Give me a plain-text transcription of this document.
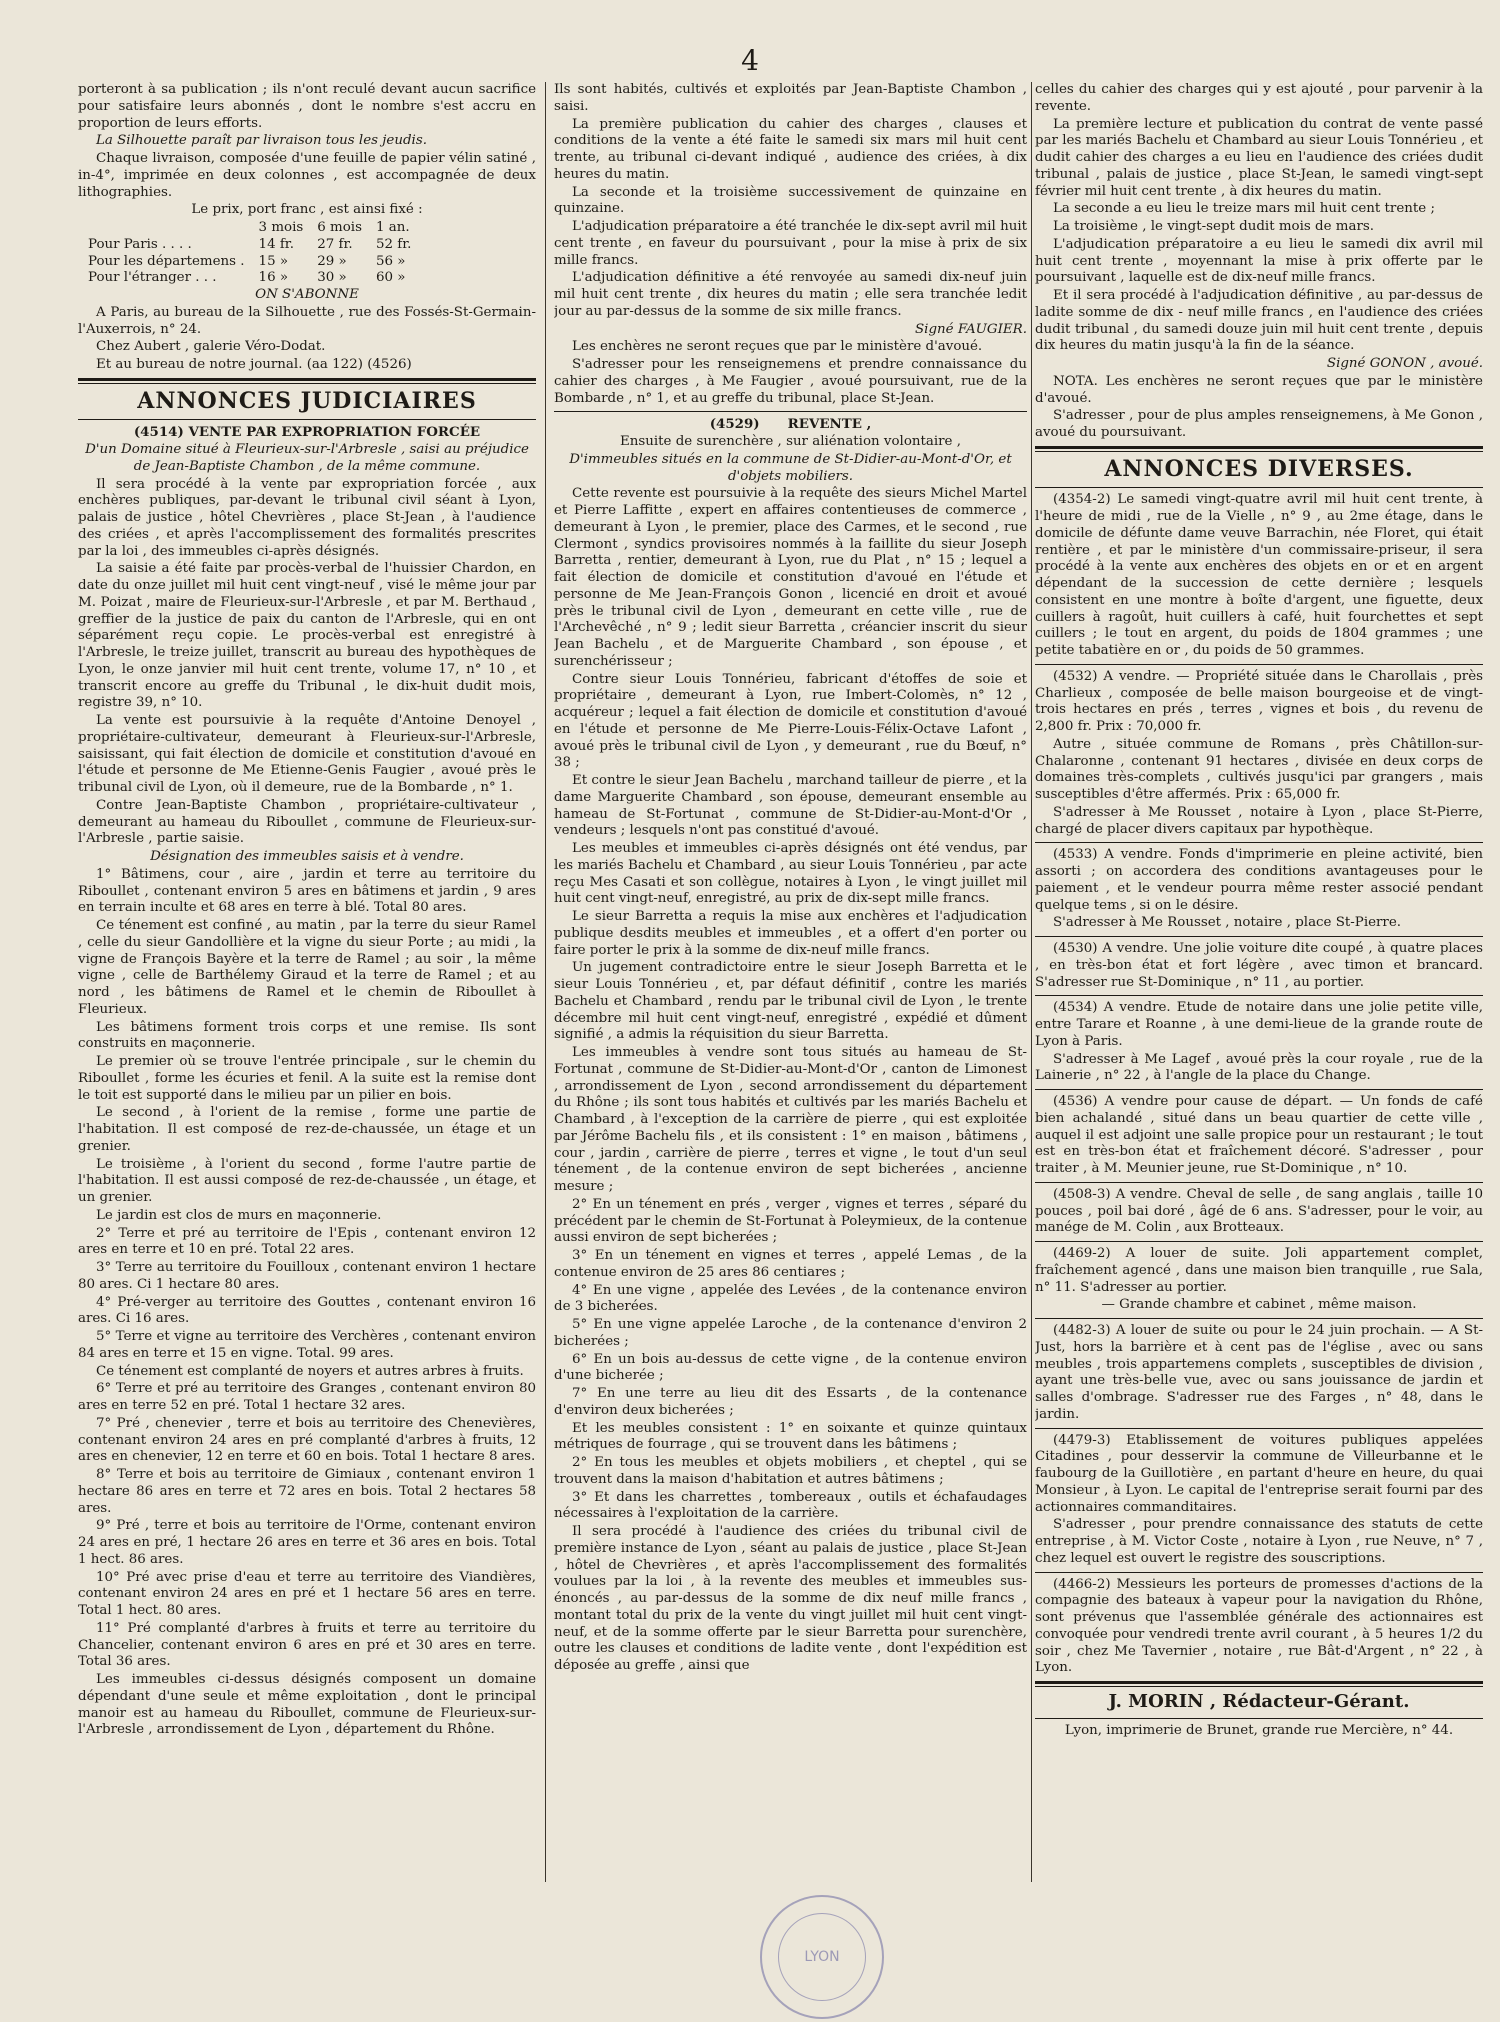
4

porteront à sa publication ; ils n'ont reculé devant aucun sacrifice pour satisfaire leurs abonnés , dont le nombre s'est accru en proportion de leurs efforts.

La Silhouette paraît par livraison tous les jeudis.

Chaque livraison, composée d'une feuille de papier vélin satiné , in-4°, imprimée en deux colonnes , est accompagnée de deux lithographies.

Le prix, port franc , est ainsi fixé :

	3 mois	6 mois	1 an.
Pour Paris . . . .	14 fr.	27 fr.	52 fr.
Pour les départemens .	15 »	29 »	56 »
Pour l'étranger . . .	16 »	30 »	60 »

ON S'ABONNE

A Paris, au bureau de la Silhouette , rue des Fossés-St-Germain-l'Auxerrois, n° 24.

Chez Aubert , galerie Véro-Dodat.

Et au bureau de notre journal. (aa 122) (4526)

ANNONCES JUDICIAIRES

(4514) VENTE PAR EXPROPRIATION FORCÉE

D'un Domaine situé à Fleurieux-sur-l'Arbresle , saisi au préjudice de Jean-Baptiste Chambon , de la même commune.

Il sera procédé à la vente par expropriation forcée , aux enchères publiques, par-devant le tribunal civil séant à Lyon, palais de justice , hôtel Chevrières , place St-Jean , à l'audience des criées , et après l'accomplissement des formalités prescrites par la loi , des immeubles ci-après désignés.

La saisie a été faite par procès-verbal de l'huissier Chardon, en date du onze juillet mil huit cent vingt-neuf , visé le même jour par M. Poizat , maire de Fleurieux-sur-l'Arbresle , et par M. Berthaud , greffier de la justice de paix du canton de l'Arbresle, qui en ont séparément reçu copie. Le procès-verbal est enregistré à l'Arbresle, le treize juillet, transcrit au bureau des hypothèques de Lyon, le onze janvier mil huit cent trente, volume 17, n° 10 , et transcrit encore au greffe du Tribunal , le dix-huit dudit mois, registre 39, n° 10.

La vente est poursuivie à la requête d'Antoine Denoyel , propriétaire-cultivateur, demeurant à Fleurieux-sur-l'Arbresle, saisissant, qui fait élection de domicile et constitution d'avoué en l'étude et personne de Me Etienne-Genis Faugier , avoué près le tribunal civil de Lyon, où il demeure, rue de la Bombarde , n° 1.

Contre Jean-Baptiste Chambon , propriétaire-cultivateur , demeurant au hameau du Riboullet , commune de Fleurieux-sur-l'Arbresle , partie saisie.

Désignation des immeubles saisis et à vendre.

1° Bâtimens, cour , aire , jardin et terre au territoire du Riboullet , contenant environ 5 ares en bâtimens et jardin , 9 ares en terrain inculte et 68 ares en terre à blé. Total 80 ares.

Ce ténement est confiné , au matin , par la terre du sieur Ramel , celle du sieur Gandollière et la vigne du sieur Porte ; au midi , la vigne de François Bayère et la terre de Ramel ; au soir , la même vigne , celle de Barthélemy Giraud et la terre de Ramel ; et au nord , les bâtimens de Ramel et le chemin de Riboullet à Fleurieux.

Les bâtimens forment trois corps et une remise. Ils sont construits en maçonnerie.

Le premier où se trouve l'entrée principale , sur le chemin du Riboullet , forme les écuries et fenil. A la suite est la remise dont le toit est supporté dans le milieu par un pilier en bois.

Le second , à l'orient de la remise , forme une partie de l'habitation. Il est composé de rez-de-chaussée, un étage et un grenier.

Le troisième , à l'orient du second , forme l'autre partie de l'habitation. Il est aussi composé de rez-de-chaussée , un étage, et un grenier.

Le jardin est clos de murs en maçonnerie.

2° Terre et pré au territoire de l'Epis , contenant environ 12 ares en terre et 10 en pré. Total 22 ares.

3° Terre au territoire du Fouilloux , contenant environ 1 hectare 80 ares. Ci 1 hectare 80 ares.

4° Pré-verger au territoire des Gouttes , contenant environ 16 ares. Ci 16 ares.

5° Terre et vigne au territoire des Verchères , contenant environ 84 ares en terre et 15 en vigne. Total. 99 ares.

Ce ténement est complanté de noyers et autres arbres à fruits.

6° Terre et pré au territoire des Granges , contenant environ 80 ares en terre 52 en pré. Total 1 hectare 32 ares.

7° Pré , chenevier , terre et bois au territoire des Chenevières, contenant environ 24 ares en pré complanté d'arbres à fruits, 12 ares en chenevier, 12 en terre et 60 en bois. Total 1 hectare 8 ares.

8° Terre et bois au territoire de Gimiaux , contenant environ 1 hectare 86 ares en terre et 72 ares en bois. Total 2 hectares 58 ares.

9° Pré , terre et bois au territoire de l'Orme, contenant environ 24 ares en pré, 1 hectare 26 ares en terre et 36 ares en bois. Total 1 hect. 86 ares.

10° Pré avec prise d'eau et terre au territoire des Viandières, contenant environ 24 ares en pré et 1 hectare 56 ares en terre. Total 1 hect. 80 ares.

11° Pré complanté d'arbres à fruits et terre au territoire du Chancelier, contenant environ 6 ares en pré et 30 ares en terre. Total 36 ares.

Les immeubles ci-dessus désignés composent un domaine dépendant d'une seule et même exploitation , dont le principal manoir est au hameau du Riboullet, commune de Fleurieux-sur-l'Arbresle , arrondissement de Lyon , département du Rhône.

Ils sont habités, cultivés et exploités par Jean-Baptiste Chambon , saisi.

La première publication du cahier des charges , clauses et conditions de la vente a été faite le samedi six mars mil huit cent trente, au tribunal ci-devant indiqué , audience des criées, à dix heures du matin.

La seconde et la troisième successivement de quinzaine en quinzaine.

L'adjudication préparatoire a été tranchée le dix-sept avril mil huit cent trente , en faveur du poursuivant , pour la mise à prix de six mille francs.

L'adjudication définitive a été renvoyée au samedi dix-neuf juin mil huit cent trente , dix heures du matin ; elle sera tranchée ledit jour au par-dessus de la somme de six mille francs.

Signé FAUGIER.

Les enchères ne seront reçues que par le ministère d'avoué.

S'adresser pour les renseignemens et prendre connaissance du cahier des charges , à Me Faugier , avoué poursuivant, rue de la Bombarde , n° 1, et au greffe du tribunal, place St-Jean.

(4529) REVENTE ,

Ensuite de surenchère , sur aliénation volontaire ,

D'immeubles situés en la commune de St-Didier-au-Mont-d'Or, et d'objets mobiliers.

Cette revente est poursuivie à la requête des sieurs Michel Martel et Pierre Laffitte , expert en affaires contentieuses de commerce , demeurant à Lyon , le premier, place des Carmes, et le second , rue Clermont , syndics provisoires nommés à la faillite du sieur Joseph Barretta , rentier, demeurant à Lyon, rue du Plat , n° 15 ; lequel a fait élection de domicile et constitution d'avoué en l'étude et personne de Me Jean-François Gonon , licencié en droit et avoué près le tribunal civil de Lyon , demeurant en cette ville , rue de l'Archevêché , n° 9 ; ledit sieur Barretta , créancier inscrit du sieur Jean Bachelu , et de Marguerite Chambard , son épouse , et surenchérisseur ;

Contre sieur Louis Tonnérieu, fabricant d'étoffes de soie et propriétaire , demeurant à Lyon, rue Imbert-Colomès, n° 12 , acquéreur ; lequel a fait élection de domicile et constitution d'avoué en l'étude et personne de Me Pierre-Louis-Félix-Octave Lafont , avoué près le tribunal civil de Lyon , y demeurant , rue du Bœuf, n° 38 ;

Et contre le sieur Jean Bachelu , marchand tailleur de pierre , et la dame Marguerite Chambard , son épouse, demeurant ensemble au hameau de St-Fortunat , commune de St-Didier-au-Mont-d'Or , vendeurs ; lesquels n'ont pas constitué d'avoué.

Les meubles et immeubles ci-après désignés ont été vendus, par les mariés Bachelu et Chambard , au sieur Louis Tonnérieu , par acte reçu Mes Casati et son collègue, notaires à Lyon , le vingt juillet mil huit cent vingt-neuf, enregistré, au prix de dix-sept mille francs.

Le sieur Barretta a requis la mise aux enchères et l'adjudication publique desdits meubles et immeubles , et a offert d'en porter ou faire porter le prix à la somme de dix-neuf mille francs.

Un jugement contradictoire entre le sieur Joseph Barretta et le sieur Louis Tonnérieu , et, par défaut définitif , contre les mariés Bachelu et Chambard , rendu par le tribunal civil de Lyon , le trente décembre mil huit cent vingt-neuf, enregistré , expédié et dûment signifié , a admis la réquisition du sieur Barretta.

Les immeubles à vendre sont tous situés au hameau de St-Fortunat , commune de St-Didier-au-Mont-d'Or , canton de Limonest , arrondissement de Lyon , second arrondissement du département du Rhône ; ils sont tous habités et cultivés par les mariés Bachelu et Chambard , à l'exception de la carrière de pierre , qui est exploitée par Jérôme Bachelu fils , et ils consistent : 1° en maison , bâtimens , cour , jardin , carrière de pierre , terres et vigne , le tout d'un seul ténement , de la contenue environ de sept bicherées , ancienne mesure ;

2° En un ténement en prés , verger , vignes et terres , séparé du précédent par le chemin de St-Fortunat à Poleymieux, de la contenue aussi environ de sept bicherées ;

3° En un ténement en vignes et terres , appelé Lemas , de la contenue environ de 25 ares 86 centiares ;

4° En une vigne , appelée des Levées , de la contenance environ de 3 bicherées.

5° En une vigne appelée Laroche , de la contenance d'environ 2 bicherées ;

6° En un bois au-dessus de cette vigne , de la contenue environ d'une bicherée ;

7° En une terre au lieu dit des Essarts , de la contenance d'environ deux bicherées ;

Et les meubles consistent : 1° en soixante et quinze quintaux métriques de fourrage , qui se trouvent dans les bâtimens ;

2° En tous les meubles et objets mobiliers , et cheptel , qui se trouvent dans la maison d'habitation et autres bâtimens ;

3° Et dans les charrettes , tombereaux , outils et échafaudages nécessaires à l'exploitation de la carrière.

Il sera procédé à l'audience des criées du tribunal civil de première instance de Lyon , séant au palais de justice , place St-Jean , hôtel de Chevrières , et après l'accomplissement des formalités voulues par la loi , à la revente des meubles et immeubles sus-énoncés , au par-dessus de la somme de dix neuf mille francs , montant total du prix de la vente du vingt juillet mil huit cent vingt-neuf, et de la somme offerte par le sieur Barretta pour surenchère, outre les clauses et conditions de ladite vente , dont l'expédition est déposée au greffe , ainsi que

celles du cahier des charges qui y est ajouté , pour parvenir à la revente.

La première lecture et publication du contrat de vente passé par les mariés Bachelu et Chambard au sieur Louis Tonnérieu , et dudit cahier des charges a eu lieu en l'audience des criées dudit tribunal , palais de justice , place St-Jean, le samedi vingt-sept février mil huit cent trente , à dix heures du matin.

La seconde a eu lieu le treize mars mil huit cent trente ;

La troisième , le vingt-sept dudit mois de mars.

L'adjudication préparatoire a eu lieu le samedi dix avril mil huit cent trente , moyennant la mise à prix offerte par le poursuivant , laquelle est de dix-neuf mille francs.

Et il sera procédé à l'adjudication définitive , au par-dessus de ladite somme de dix - neuf mille francs , en l'audience des criées dudit tribunal , du samedi douze juin mil huit cent trente , depuis dix heures du matin jusqu'à la fin de la séance.

Signé GONON , avoué.

NOTA. Les enchères ne seront reçues que par le ministère d'avoué.

S'adresser , pour de plus amples renseignemens, à Me Gonon , avoué du poursuivant.

ANNONCES DIVERSES.

(4354-2) Le samedi vingt-quatre avril mil huit cent trente, à l'heure de midi , rue de la Vielle , n° 9 , au 2me étage, dans le domicile de défunte dame veuve Barrachin, née Floret, qui était rentière , et par le ministère d'un commissaire-priseur, il sera procédé à la vente aux enchères des objets en or et en argent dépendant de la succession de cette dernière ; lesquels consistent en une montre à boîte d'argent, une figuette, deux cuillers à ragoût, huit cuillers à café, huit fourchettes et sept cuillers ; le tout en argent, du poids de 1804 grammes ; une petite tabatière en or , du poids de 50 grammes.

(4532) A vendre. — Propriété située dans le Charollais , près Charlieux , composée de belle maison bourgeoise et de vingt-trois hectares en prés , terres , vignes et bois , du revenu de 2,800 fr. Prix : 70,000 fr.

Autre , située commune de Romans , près Châtillon-sur-Chalaronne , contenant 91 hectares , divisée en deux corps de domaines très-complets , cultivés jusqu'ici par grangers , mais susceptibles d'être affermés. Prix : 65,000 fr.

S'adresser à Me Rousset , notaire à Lyon , place St-Pierre, chargé de placer divers capitaux par hypothèque.

(4533) A vendre. Fonds d'imprimerie en pleine activité, bien assorti ; on accordera des conditions avantageuses pour le paiement , et le vendeur pourra même rester associé pendant quelque tems , si on le désire.

S'adresser à Me Rousset , notaire , place St-Pierre.

(4530) A vendre. Une jolie voiture dite coupé , à quatre places , en très-bon état et fort légère , avec timon et brancard. S'adresser rue St-Dominique , n° 11 , au portier.

(4534) A vendre. Etude de notaire dans une jolie petite ville, entre Tarare et Roanne , à une demi-lieue de la grande route de Lyon à Paris.

S'adresser à Me Lagef , avoué près la cour royale , rue de la Lainerie , n° 22 , à l'angle de la place du Change.

(4536) A vendre pour cause de départ. — Un fonds de café bien achalandé , situé dans un beau quartier de cette ville , auquel il est adjoint une salle propice pour un restaurant ; le tout est en très-bon état et fraîchement décoré. S'adresser , pour traiter , à M. Meunier jeune, rue St-Dominique , n° 10.

(4508-3) A vendre. Cheval de selle , de sang anglais , taille 10 pouces , poil bai doré , âgé de 6 ans. S'adresser, pour le voir, au manége de M. Colin , aux Brotteaux.

(4469-2) A louer de suite. Joli appartement complet, fraîchement agencé , dans une maison bien tranquille , rue Sala, n° 11. S'adresser au portier.

— Grande chambre et cabinet , même maison.

(4482-3) A louer de suite ou pour le 24 juin prochain. — A St-Just, hors la barrière et à cent pas de l'église , avec ou sans meubles , trois appartemens complets , susceptibles de division , ayant une très-belle vue, avec ou sans jouissance de jardin et salles d'ombrage. S'adresser rue des Farges , n° 48, dans le jardin.

(4479-3) Etablissement de voitures publiques appelées Citadines , pour desservir la commune de Villeurbanne et le faubourg de la Guillotière , en partant d'heure en heure, du quai Monsieur , à Lyon. Le capital de l'entreprise serait fourni par des actionnaires commanditaires.

S'adresser , pour prendre connaissance des statuts de cette entreprise , à M. Victor Coste , notaire à Lyon , rue Neuve, n° 7 , chez lequel est ouvert le registre des souscriptions.

(4466-2) Messieurs les porteurs de promesses d'actions de la compagnie des bateaux à vapeur pour la navigation du Rhône, sont prévenus que l'assemblée générale des actionnaires est convoquée pour vendredi trente avril courant , à 5 heures 1/2 du soir , chez Me Tavernier , notaire , rue Bât-d'Argent , n° 22 , à Lyon.

J. MORIN , Rédacteur-Gérant.

Lyon, imprimerie de Brunet, grande rue Mercière, n° 44.

LYON
